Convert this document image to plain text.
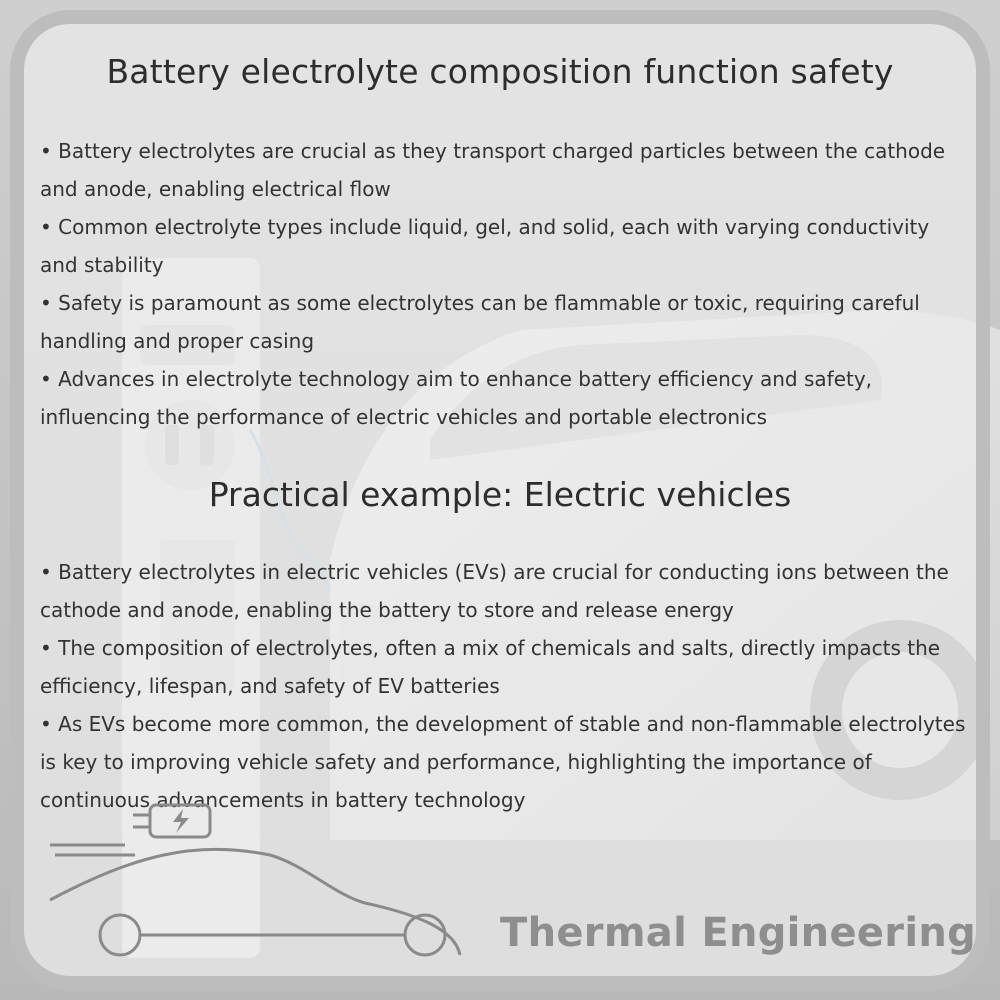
Battery electrolyte composition function safety
• Battery electrolytes are crucial as they transport charged particles between the cathode and anode, enabling electrical flow
• Common electrolyte types include liquid, gel, and solid, each with varying conductivity and stability
• Safety is paramount as some electrolytes can be flammable or toxic, requiring careful handling and proper casing
• Advances in electrolyte technology aim to enhance battery efficiency and safety, influencing the performance of electric vehicles and portable electronics
Practical example: Electric vehicles
• Battery electrolytes in electric vehicles (EVs) are crucial for conducting ions between the cathode and anode, enabling the battery to store and release energy
• The composition of electrolytes, often a mix of chemicals and salts, directly impacts the efficiency, lifespan, and safety of EV batteries
• As EVs become more common, the development of stable and non-flammable electrolytes is key to improving vehicle safety and performance, highlighting the importance of continuous advancements in battery technology
Thermal Engineering
